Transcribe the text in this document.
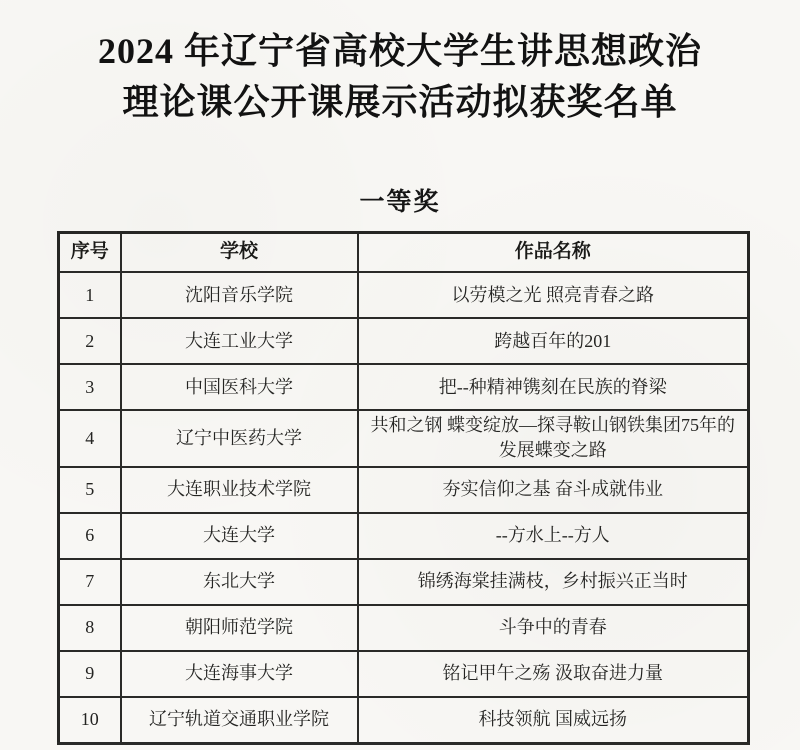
2024 年辽宁省高校大学生讲思想政治
理论课公开课展示活动拟获奖名单
一等奖
序号	学校	作品名称
1	沈阳音乐学院	以劳模之光 照亮青春之路
2	大连工业大学	跨越百年的201
3	中国医科大学	把--种精神镌刻在民族的脊梁
4	辽宁中医药大学	共和之钢 蝶变绽放—探寻鞍山钢铁集团75年的发展蝶变之路
5	大连职业技术学院	夯实信仰之基 奋斗成就伟业
6	大连大学	--方水上--方人
7	东北大学	锦绣海棠挂满枝，乡村振兴正当时
8	朝阳师范学院	斗争中的青春
9	大连海事大学	铭记甲午之殇 汲取奋进力量
10	辽宁轨道交通职业学院	科技领航 国威远扬
